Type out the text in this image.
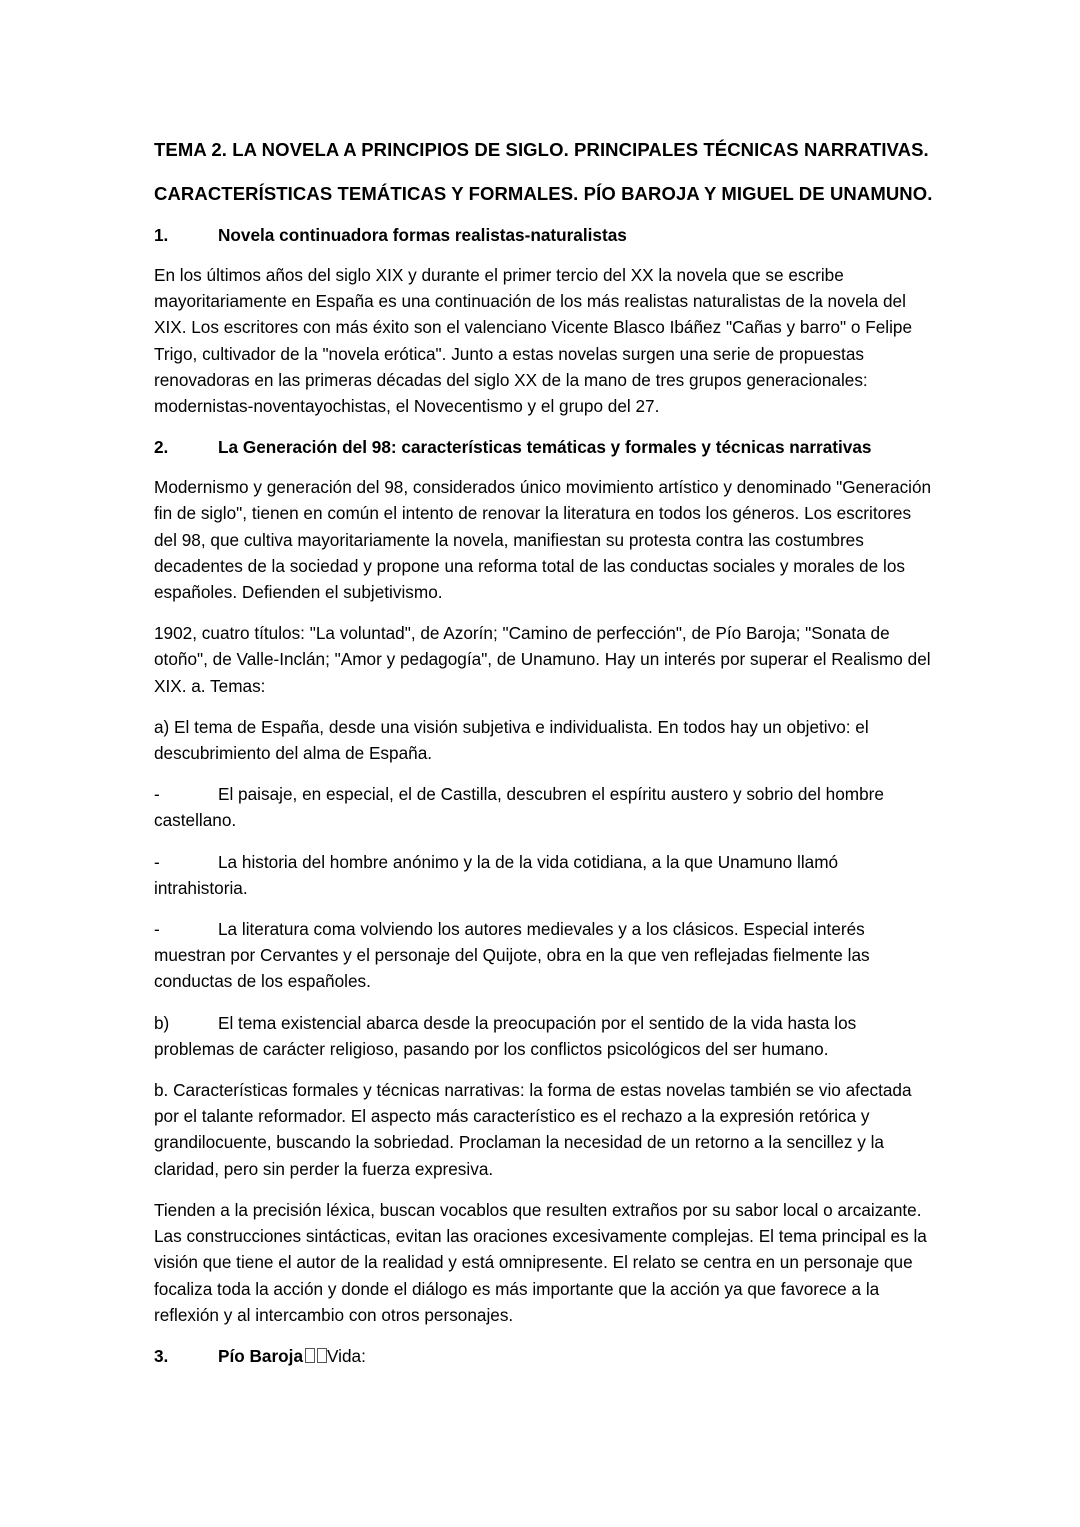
TEMA 2. LA NOVELA A PRINCIPIOS DE SIGLO. PRINCIPALES TÉCNICAS NARRATIVAS.
CARACTERÍSTICAS TEMÁTICAS Y FORMALES. PÍO BAROJA Y MIGUEL DE UNAMUNO.
1.	Novela continuadora formas realistas-naturalistas

En los últimos años del siglo XIX y durante el primer tercio del XX la novela que se escribe mayoritariamente en España es una continuación de los más realistas naturalistas de la novela del XIX. Los escritores con más éxito son el valenciano Vicente Blasco Ibáñez "Cañas y barro" o Felipe Trigo, cultivador de la "novela erótica". Junto a estas novelas surgen una serie de propuestas renovadoras en las primeras décadas del siglo XX de la mano de tres grupos generacionales: modernistas-noventayochistas, el Novecentismo y el grupo del 27.

2.	La Generación del 98: características temáticas y formales y técnicas narrativas

Modernismo y generación del 98, considerados único movimiento artístico y denominado "Generación fin de siglo", tienen en común el intento de renovar la literatura en todos los géneros. Los escritores del 98, que cultiva mayoritariamente la novela, manifiestan su protesta contra las costumbres decadentes de la sociedad y propone una reforma total de las conductas sociales y morales de los españoles. Defienden el subjetivismo.

1902, cuatro títulos: "La voluntad", de Azorín; "Camino de perfección", de Pío Baroja; "Sonata de otoño", de Valle-Inclán; "Amor y pedagogía", de Unamuno. Hay un interés por superar el Realismo del XIX. a. Temas:

a) El tema de España, desde una visión subjetiva e individualista. En todos hay un objetivo: el descubrimiento del alma de España.

-	El paisaje, en especial, el de Castilla, descubren el espíritu austero y sobrio del hombre castellano.

-	La historia del hombre anónimo y la de la vida cotidiana, a la que Unamuno llamó intrahistoria.

-	La literatura coma volviendo los autores medievales y a los clásicos. Especial interés muestran por Cervantes y el personaje del Quijote, obra en la que ven reflejadas fielmente las conductas de los españoles.

b)	El tema existencial abarca desde la preocupación por el sentido de la vida hasta los problemas de carácter religioso, pasando por los conflictos psicológicos del ser humano.

b. Características formales y técnicas narrativas: la forma de estas novelas también se vio afectada por el talante reformador. El aspecto más característico es el rechazo a la expresión retórica y grandilocuente, buscando la sobriedad. Proclaman la necesidad de un retorno a la sencillez y la claridad, pero sin perder la fuerza expresiva.

Tienden a la precisión léxica, buscan vocablos que resulten extraños por su sabor local o arcaizante. Las construcciones sintácticas, evitan las oraciones excesivamente complejas. El tema principal es la visión que tiene el autor de la realidad y está omnipresente. El relato se centra en un personaje que focaliza toda la acción y donde el diálogo es más importante que la acción ya que favorece a la reflexión y al intercambio con otros personajes.

3.	Pío Baroja Vida:
